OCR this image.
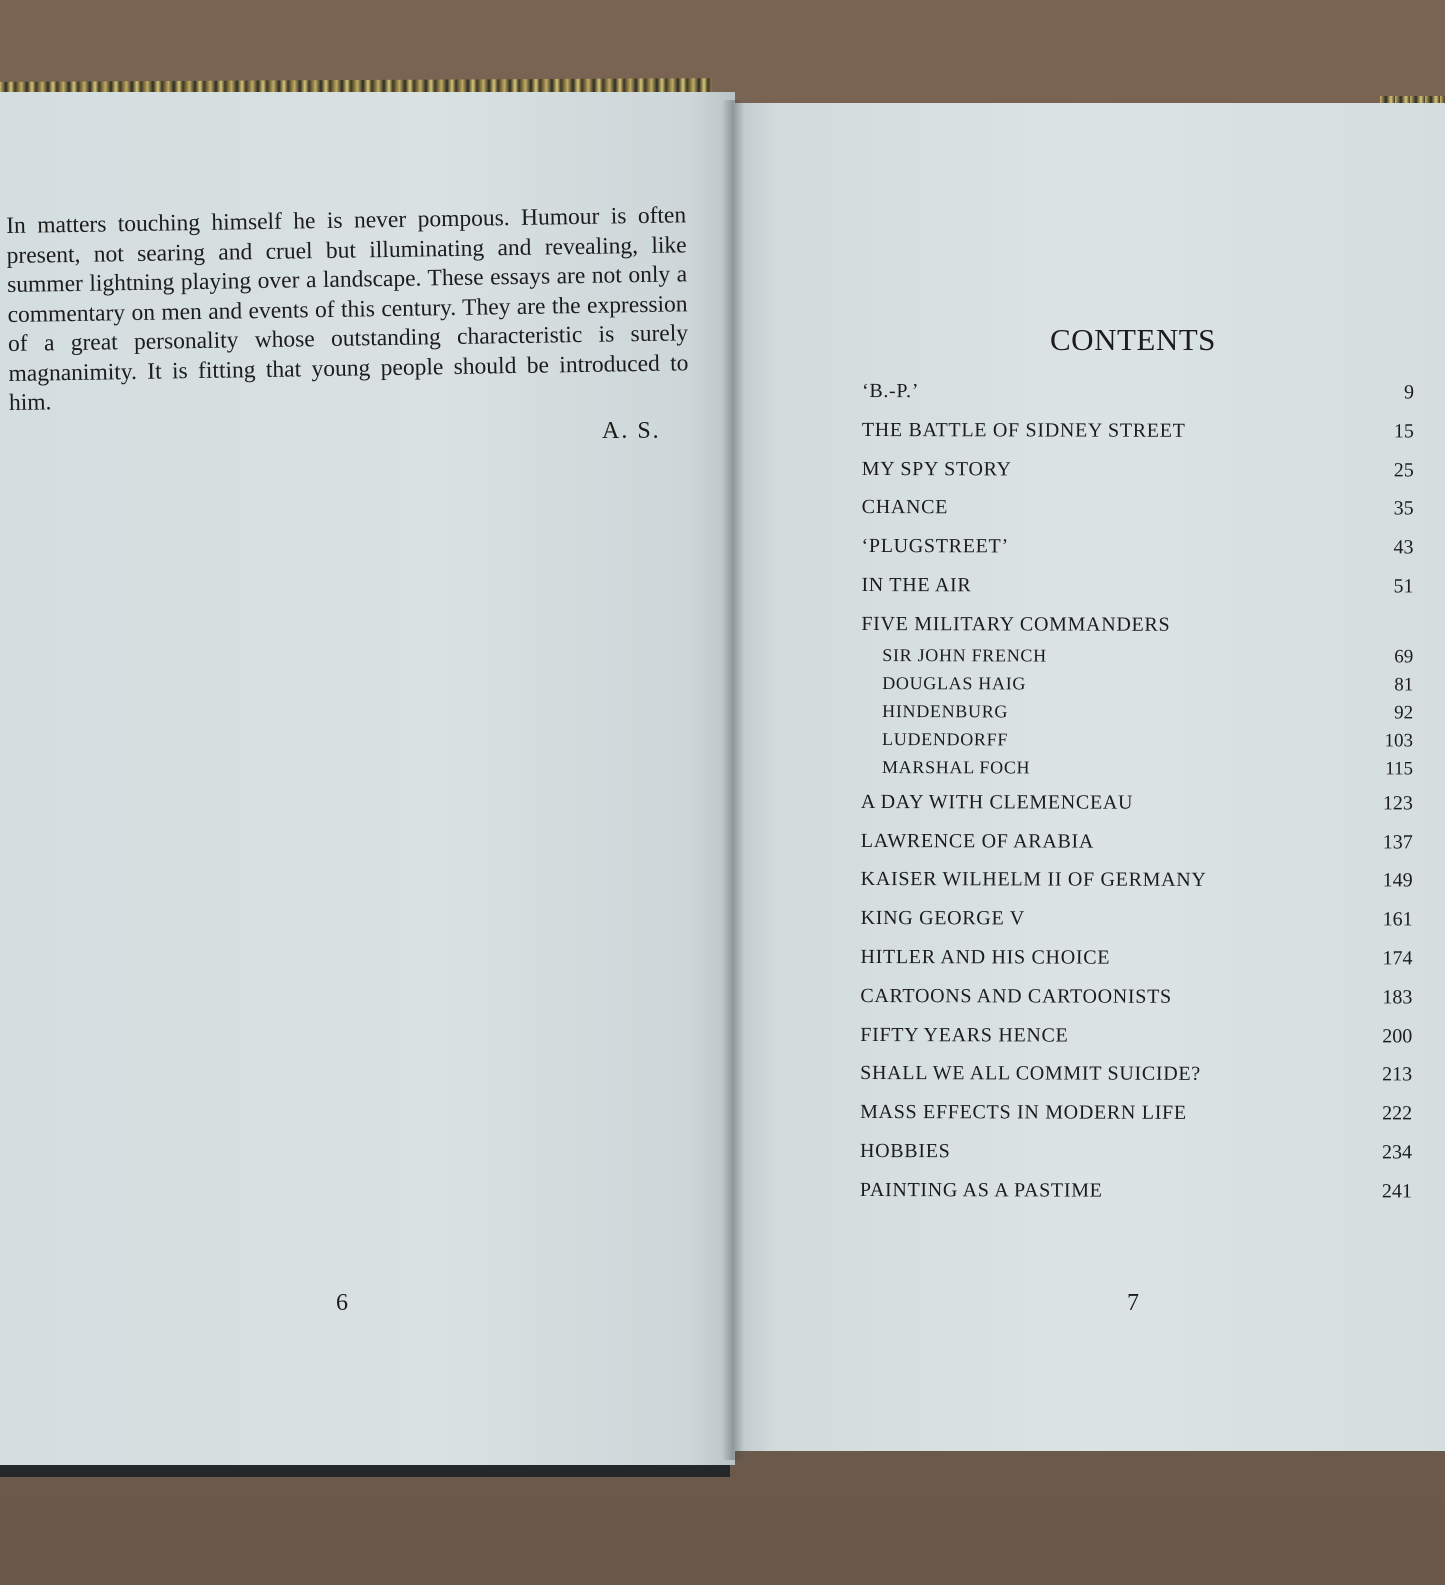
In matters touching himself he is never pompous. Humour is often present, not searing and cruel but illuminating and revealing, like summer lightning playing over a landscape. These essays are not only a commentary on men and events of this century. They are the expression of a great personality whose outstanding characteristic is surely magnanimity. It is fitting that young people should be introduced to him.

A. S.
6
CONTENTS
‘B.-P.’	9
THE BATTLE OF SIDNEY STREET	15
MY SPY STORY	25
CHANCE	35
‘PLUGSTREET’	43
IN THE AIR	51
FIVE MILITARY COMMANDERS
SIR JOHN FRENCH	69
DOUGLAS HAIG	81
HINDENBURG	92
LUDENDORFF	103
MARSHAL FOCH	115
A DAY WITH CLEMENCEAU	123
LAWRENCE OF ARABIA	137
KAISER WILHELM II OF GERMANY	149
KING GEORGE V	161
HITLER AND HIS CHOICE	174
CARTOONS AND CARTOONISTS	183
FIFTY YEARS HENCE	200
SHALL WE ALL COMMIT SUICIDE?	213
MASS EFFECTS IN MODERN LIFE	222
HOBBIES	234
PAINTING AS A PASTIME	241
7
